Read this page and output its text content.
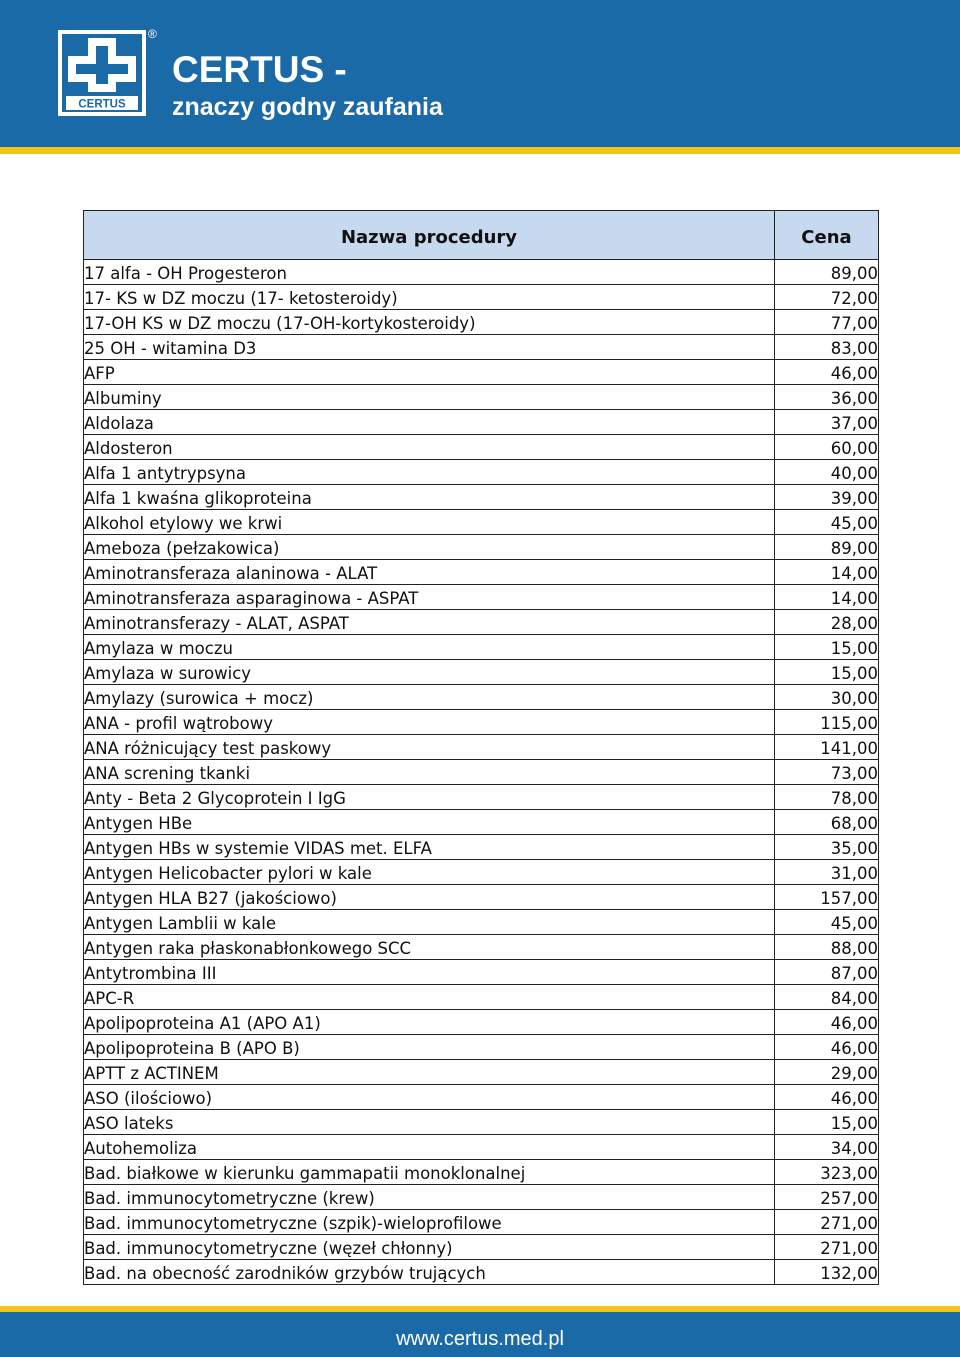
CERTUS
®
CERTUS -
znaczy godny zaufania
Nazwa procedury	Cena
17 alfa - OH Progesteron	89,00
17- KS w DZ moczu (17- ketosteroidy)	72,00
17-OH KS w DZ moczu (17-OH-kortykosteroidy)	77,00
25 OH - witamina D3	83,00
AFP	46,00
Albuminy	36,00
Aldolaza	37,00
Aldosteron	60,00
Alfa 1 antytrypsyna	40,00
Alfa 1 kwaśna glikoproteina	39,00
Alkohol etylowy we krwi	45,00
Ameboza (pełzakowica)	89,00
Aminotransferaza alaninowa - ALAT	14,00
Aminotransferaza asparaginowa - ASPAT	14,00
Aminotransferazy - ALAT, ASPAT	28,00
Amylaza w moczu	15,00
Amylaza w surowicy	15,00
Amylazy (surowica + mocz)	30,00
ANA - profil wątrobowy	115,00
ANA różnicujący test paskowy	141,00
ANA screning tkanki	73,00
Anty - Beta 2 Glycoprotein I IgG	78,00
Antygen HBe	68,00
Antygen HBs w systemie VIDAS met. ELFA	35,00
Antygen Helicobacter pylori w kale	31,00
Antygen HLA B27 (jakościowo)	157,00
Antygen Lamblii w kale	45,00
Antygen raka płaskonabłonkowego SCC	88,00
Antytrombina III	87,00
APC-R	84,00
Apolipoproteina A1 (APO A1)	46,00
Apolipoproteina B (APO B)	46,00
APTT z ACTINEM	29,00
ASO (ilościowo)	46,00
ASO lateks	15,00
Autohemoliza	34,00
Bad. białkowe w kierunku gammapatii monoklonalnej	323,00
Bad. immunocytometryczne (krew)	257,00
Bad. immunocytometryczne (szpik)-wieloprofilowe	271,00
Bad. immunocytometryczne (węzeł chłonny)	271,00
Bad. na obecność zarodników grzybów trujących	132,00
www.certus.med.pl
